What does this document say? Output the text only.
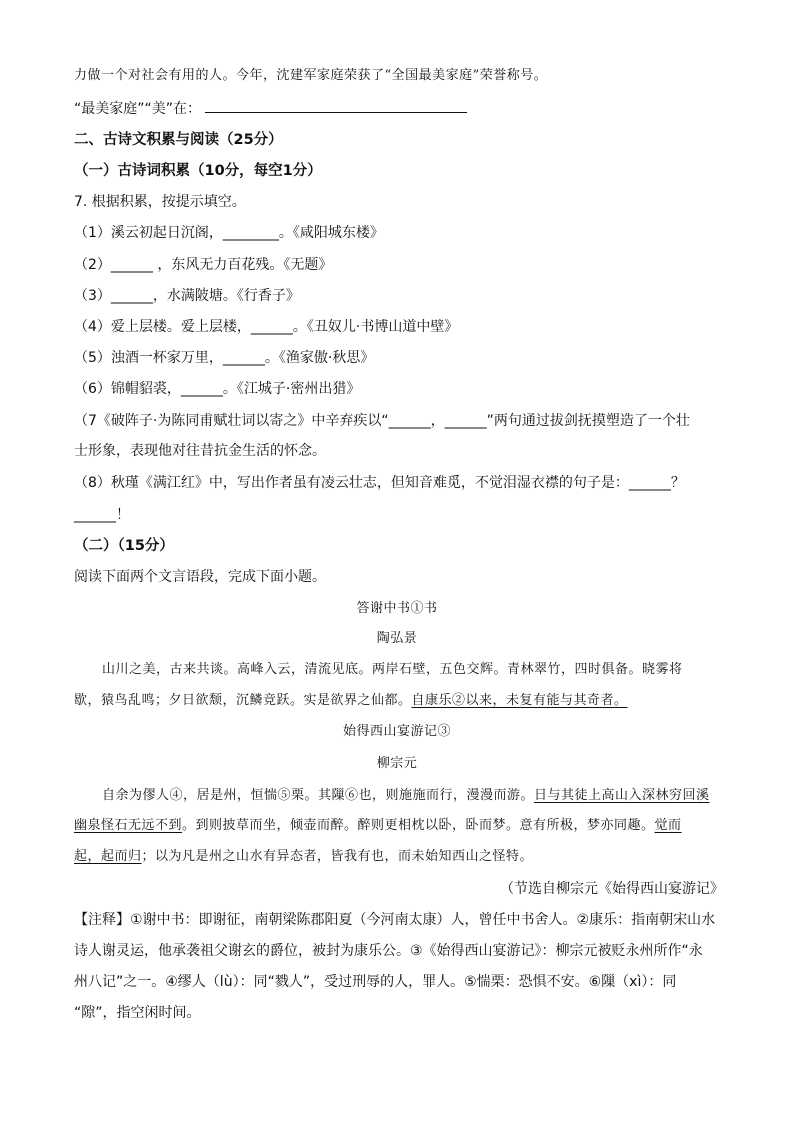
力做一个对社会有用的人。今年，沈建军家庭荣获了“全国最美家庭”荣誉称号。
“最美家庭”“美”在：
二、古诗文积累与阅读（25分）
（一）古诗词积累（10分，每空1分）
7. 根据积累，按提示填空。
（1）溪云初起日沉阁，________。《咸阳城东楼》
（2）______ ，东风无力百花残。《无题》
（3）______，水满陂塘。《行香子》
（4）爱上层楼。爱上层楼，______。《丑奴儿·书博山道中壁》
（5）浊酒一杯家万里，______。《渔家傲·秋思》
（6）锦帽貂裘，______。《江城子·密州出猎》
（7《破阵子·为陈同甫赋壮词以寄之》中辛弃疾以“______，______”两句通过拔剑抚摸塑造了一个壮
士形象，表现他对往昔抗金生活的怀念。
（8）秋瑾《满江红》中，写出作者虽有凌云壮志，但知音难觅，不觉泪湿衣襟的句子是：______？
______！
（二）（15分）
阅读下面两个文言语段，完成下面小题。
答谢中书①书
陶弘景
山川之美，古来共谈。高峰入云，清流见底。两岸石壁，五色交辉。青林翠竹，四时俱备。晓雾将
歇，猿鸟乱鸣；夕日欲颓，沉鳞竞跃。实是欲界之仙都。自康乐②以来，未复有能与其奇者。
始得西山宴游记③
柳宗元
自余为僇人④，居是州，恒惴⑤栗。其隟⑥也，则施施而行，漫漫而游。日与其徒上高山入深林穷回溪
幽泉怪石无远不到。到则披草而坐，倾壶而醉。醉则更相枕以卧，卧而梦。意有所极，梦亦同趣。觉而
起，起而归；以为凡是州之山水有异态者，皆我有也，而未始知西山之怪特。
（节选自柳宗元《始得西山宴游记》
【注释】①谢中书：即谢征，南朝梁陈郡阳夏（今河南太康）人，曾任中书舍人。②康乐：指南朝宋山水
诗人谢灵运，他承袭祖父谢玄的爵位，被封为康乐公。③《始得西山宴游记》：柳宗元被贬永州所作“永
州八记”之一。④缪人（lù）：同“戮人”，受过刑辱的人，罪人。⑤惴栗：恐惧不安。⑥隟（xì）：同
“隙”，指空闲时间。
